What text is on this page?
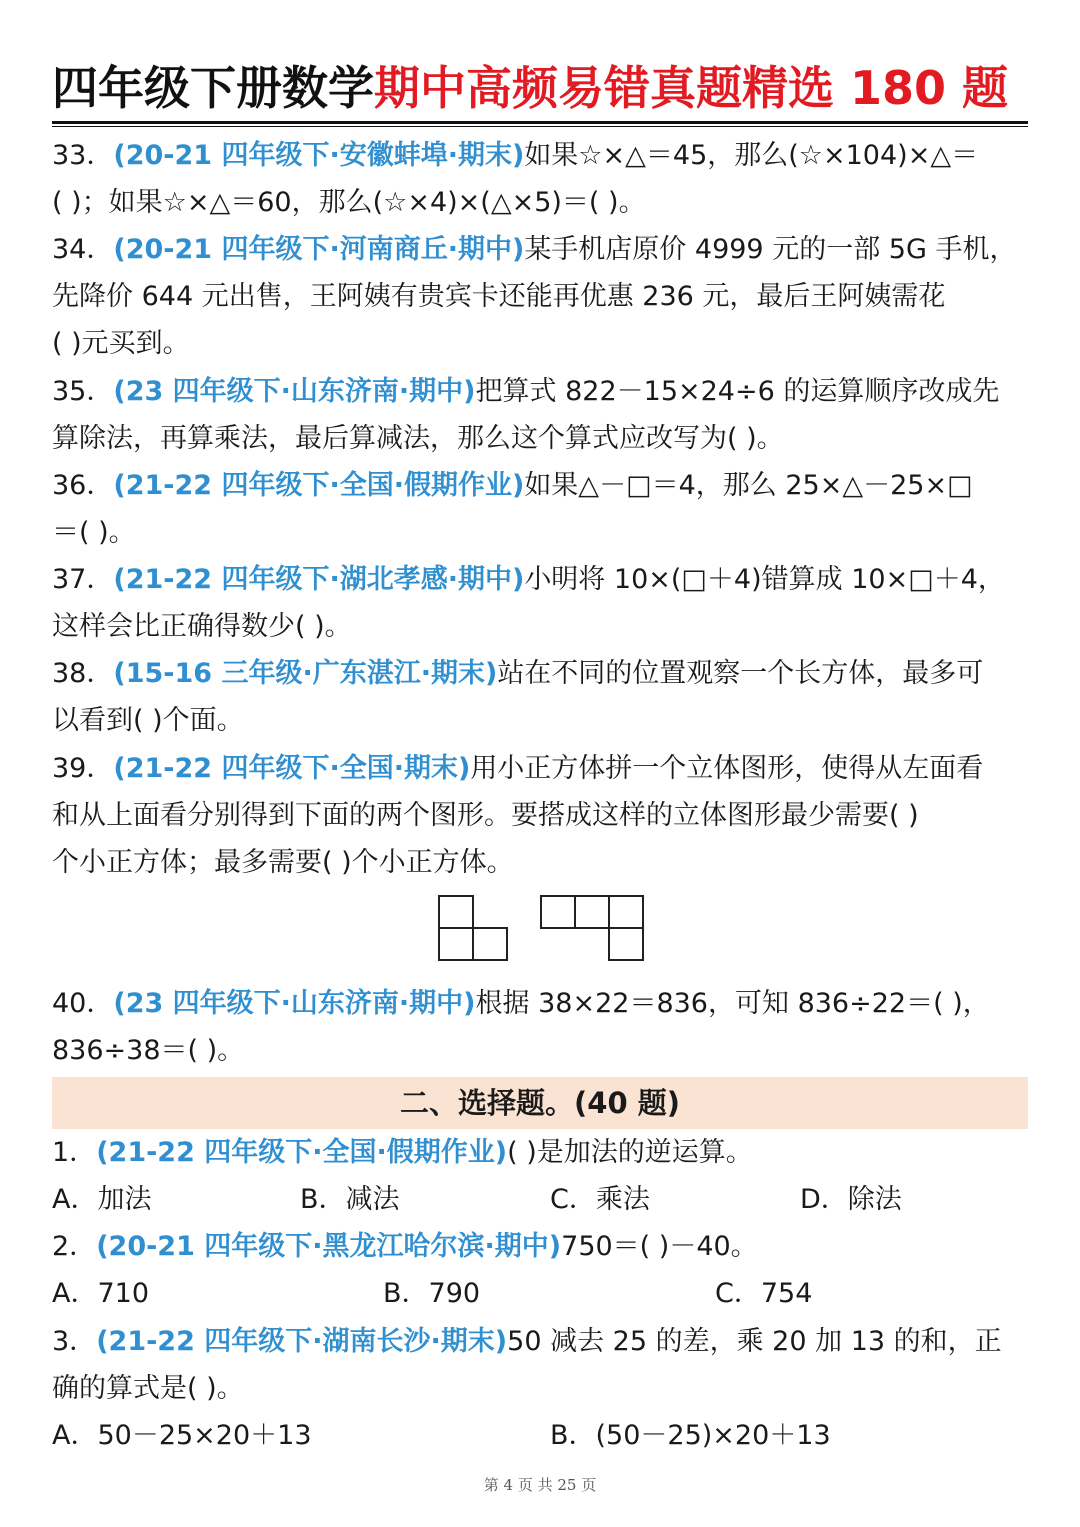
四年级下册数学期中高频易错真题精选 180 题
33．(20-21 四年级下·安徽蚌埠·期末)如果☆×△＝45，那么(☆×104)×△＝
( )；如果☆×△＝60，那么(☆×4)×(△×5)＝( )。
34．(20-21 四年级下·河南商丘·期中)某手机店原价 4999 元的一部 5G 手机，
先降价 644 元出售，王阿姨有贵宾卡还能再优惠 236 元，最后王阿姨需花
( )元买到。
35．(23 四年级下·山东济南·期中)把算式 822－15×24÷6 的运算顺序改成先
算除法，再算乘法，最后算减法，那么这个算式应改写为( )。
36．(21-22 四年级下·全国·假期作业)如果△－□＝4，那么 25×△－25×□
＝( )。
37．(21-22 四年级下·湖北孝感·期中)小明将 10×(□＋4)错算成 10×□＋4，
这样会比正确得数少( )。
38．(15-16 三年级·广东湛江·期末)站在不同的位置观察一个长方体，最多可
以看到( )个面。
39．(21-22 四年级下·全国·期末)用小正方体拼一个立体图形，使得从左面看
和从上面看分别得到下面的两个图形。要搭成这样的立体图形最少需要( )
个小正方体；最多需要( )个小正方体。
40．(23 四年级下·山东济南·期中)根据 38×22＝836，可知 836÷22＝( )，
836÷38＝( )。
二、选择题。(40 题)
1．(21-22 四年级下·全国·假期作业)( )是加法的逆运算。
A．加法	B．减法	C．乘法	D．除法
2．(20-21 四年级下·黑龙江哈尔滨·期中)750＝( )－40。
A．710	B．790	C．754
3．(21-22 四年级下·湖南长沙·期末)50 减去 25 的差，乘 20 加 13 的和，正
确的算式是( )。
A．50－25×20＋13	B．(50－25)×20＋13
第 4 页 共 25 页
